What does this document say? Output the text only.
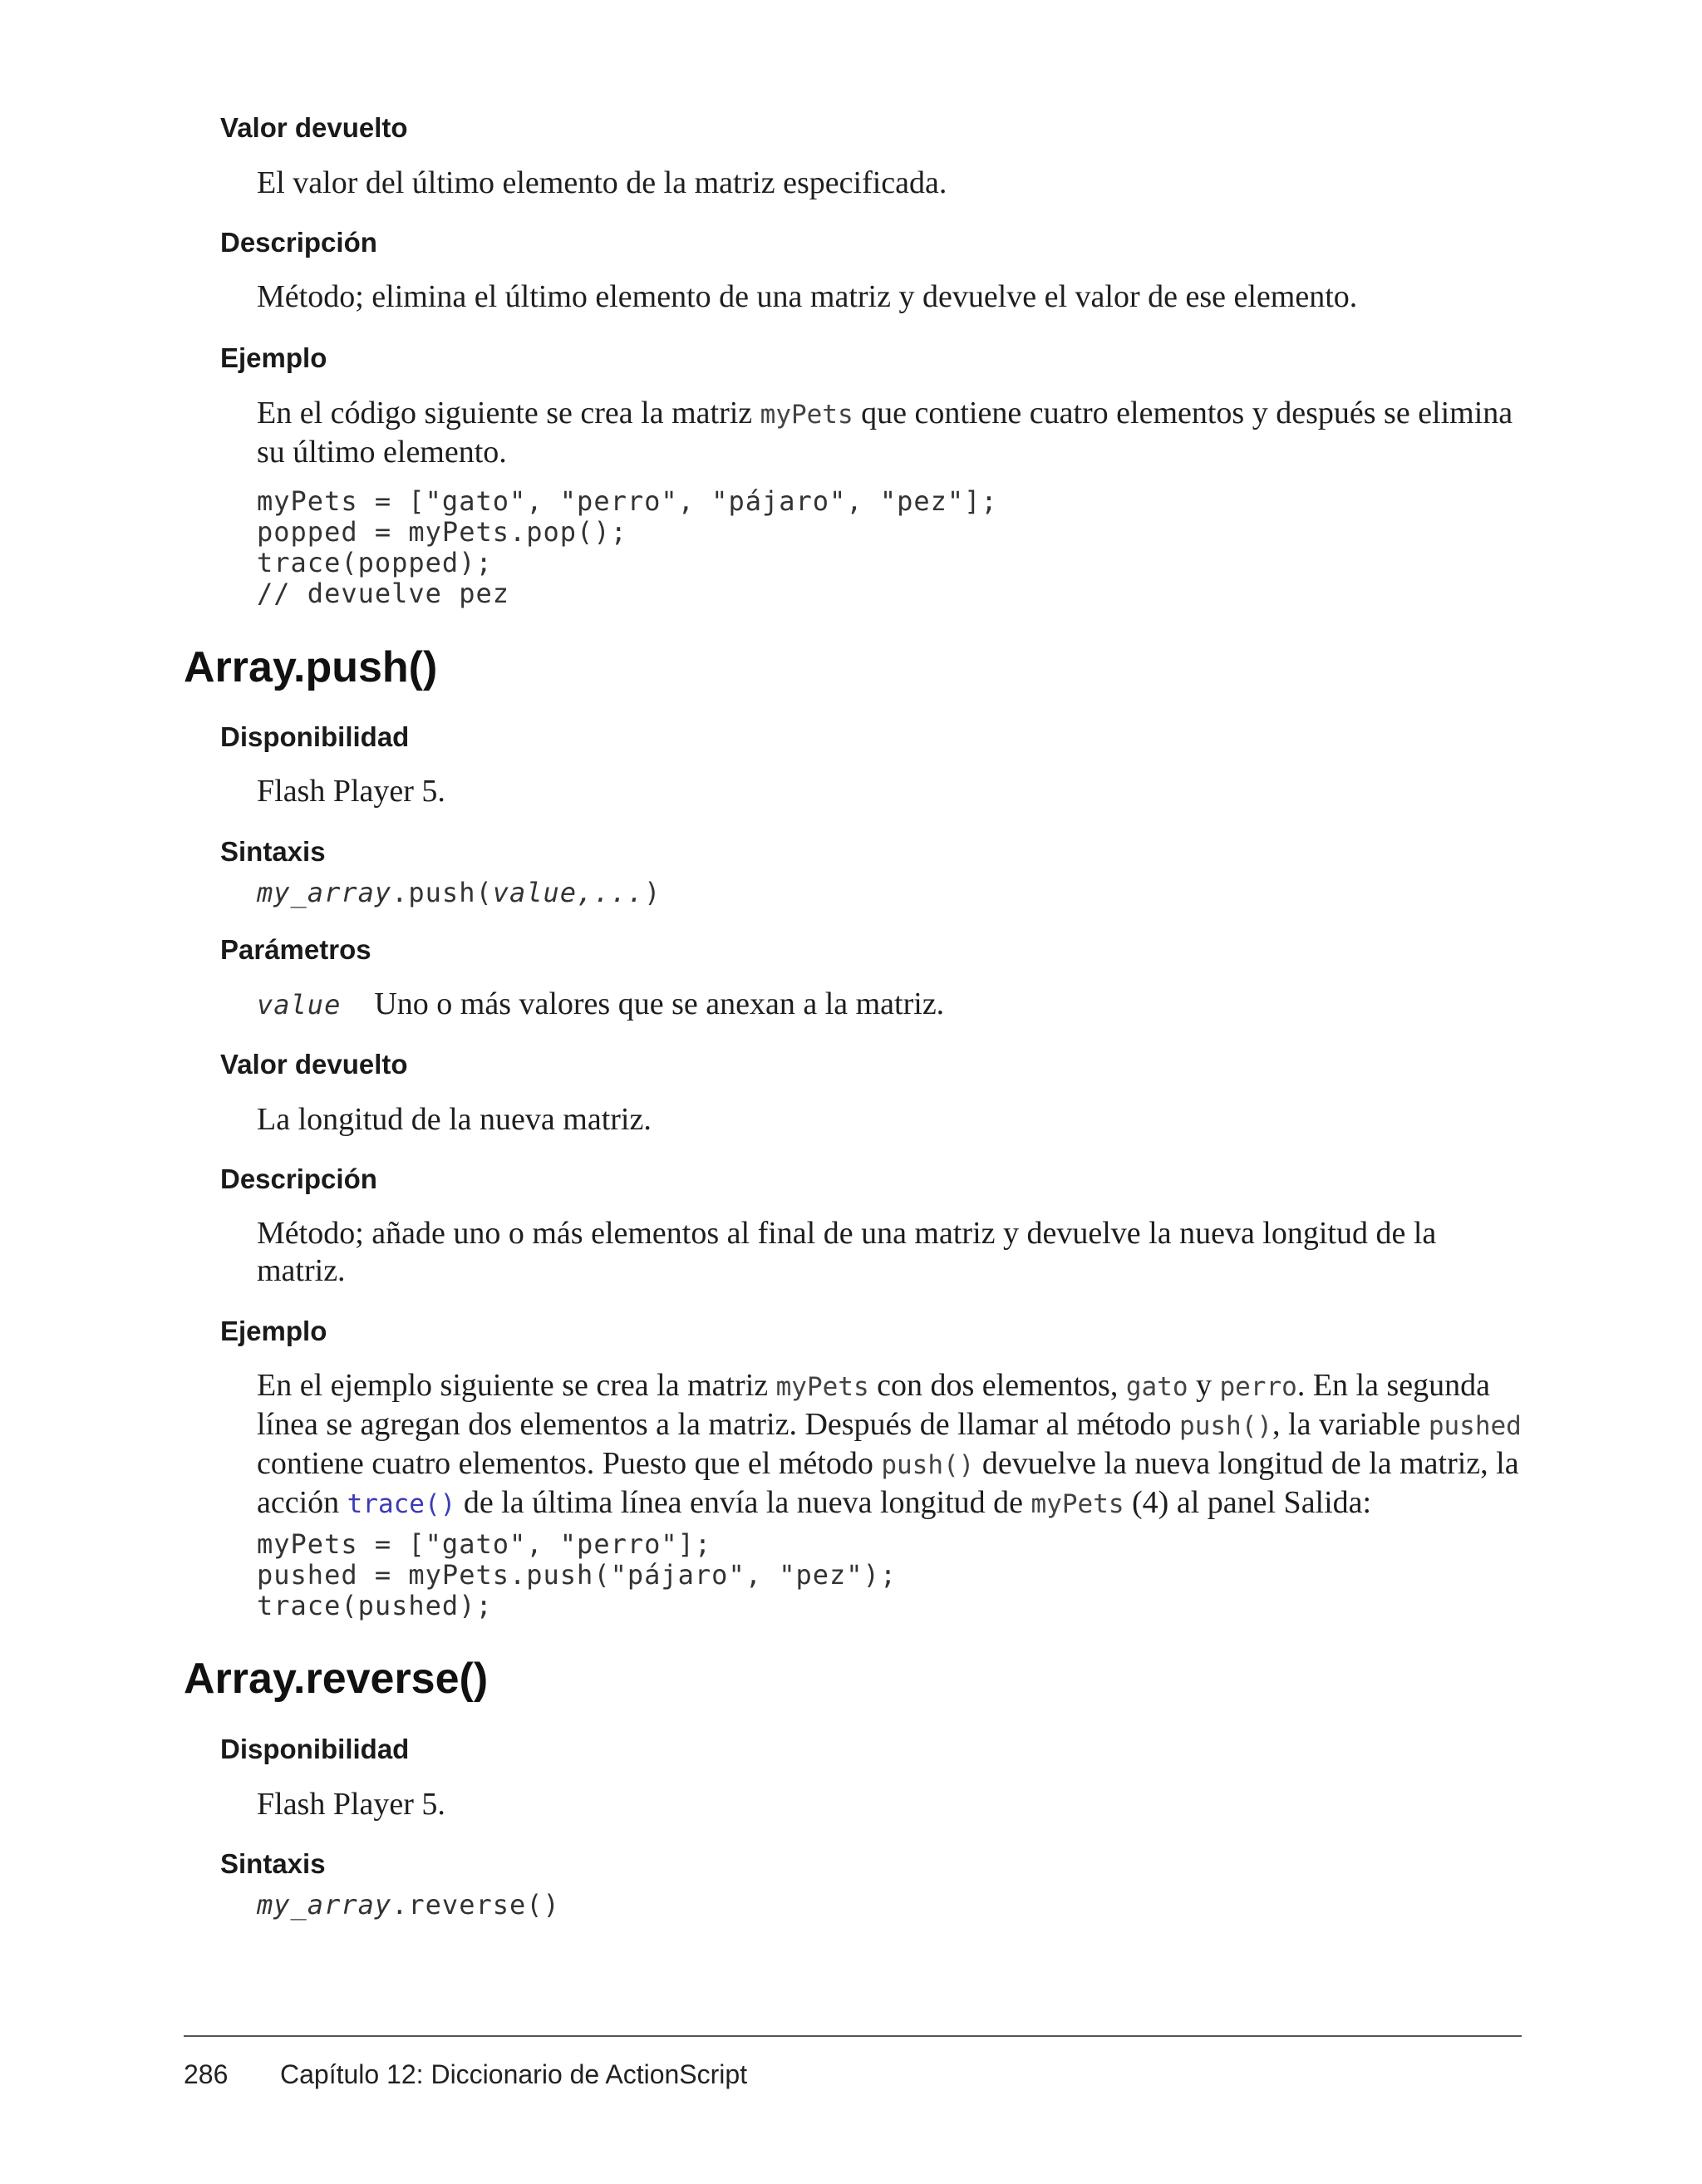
Valor devuelto

El valor del último elemento de la matriz especificada.

Descripción

Método; elimina el último elemento de una matriz y devuelve el valor de ese elemento.

Ejemplo

En el código siguiente se crea la matriz myPets que contiene cuatro elementos y después se elimina su último elemento.

myPets = ["gato", "perro", "pájaro", "pez"];
popped = myPets.pop();
trace(popped);
// devuelve pez
Array.push()
Disponibilidad

Flash Player 5.

Sintaxis

my_array.push(value,...)

Parámetros
value Uno o más valores que se anexan a la matriz.
Valor devuelto

La longitud de la nueva matriz.

Descripción

Método; añade uno o más elementos al final de una matriz y devuelve la nueva longitud de la matriz.

Ejemplo

En el ejemplo siguiente se crea la matriz myPets con dos elementos, gato y perro. En la segunda línea se agregan dos elementos a la matriz. Después de llamar al método push(), la variable pushed contiene cuatro elementos. Puesto que el método push() devuelve la nueva longitud de la matriz, la acción trace() de la última línea envía la nueva longitud de myPets (4) al panel Salida:

myPets = ["gato", "perro"];
pushed = myPets.push("pájaro", "pez");
trace(pushed);
Array.reverse()
Disponibilidad

Flash Player 5.

Sintaxis

my_array.reverse()

286 Capítulo 12: Diccionario de ActionScript
